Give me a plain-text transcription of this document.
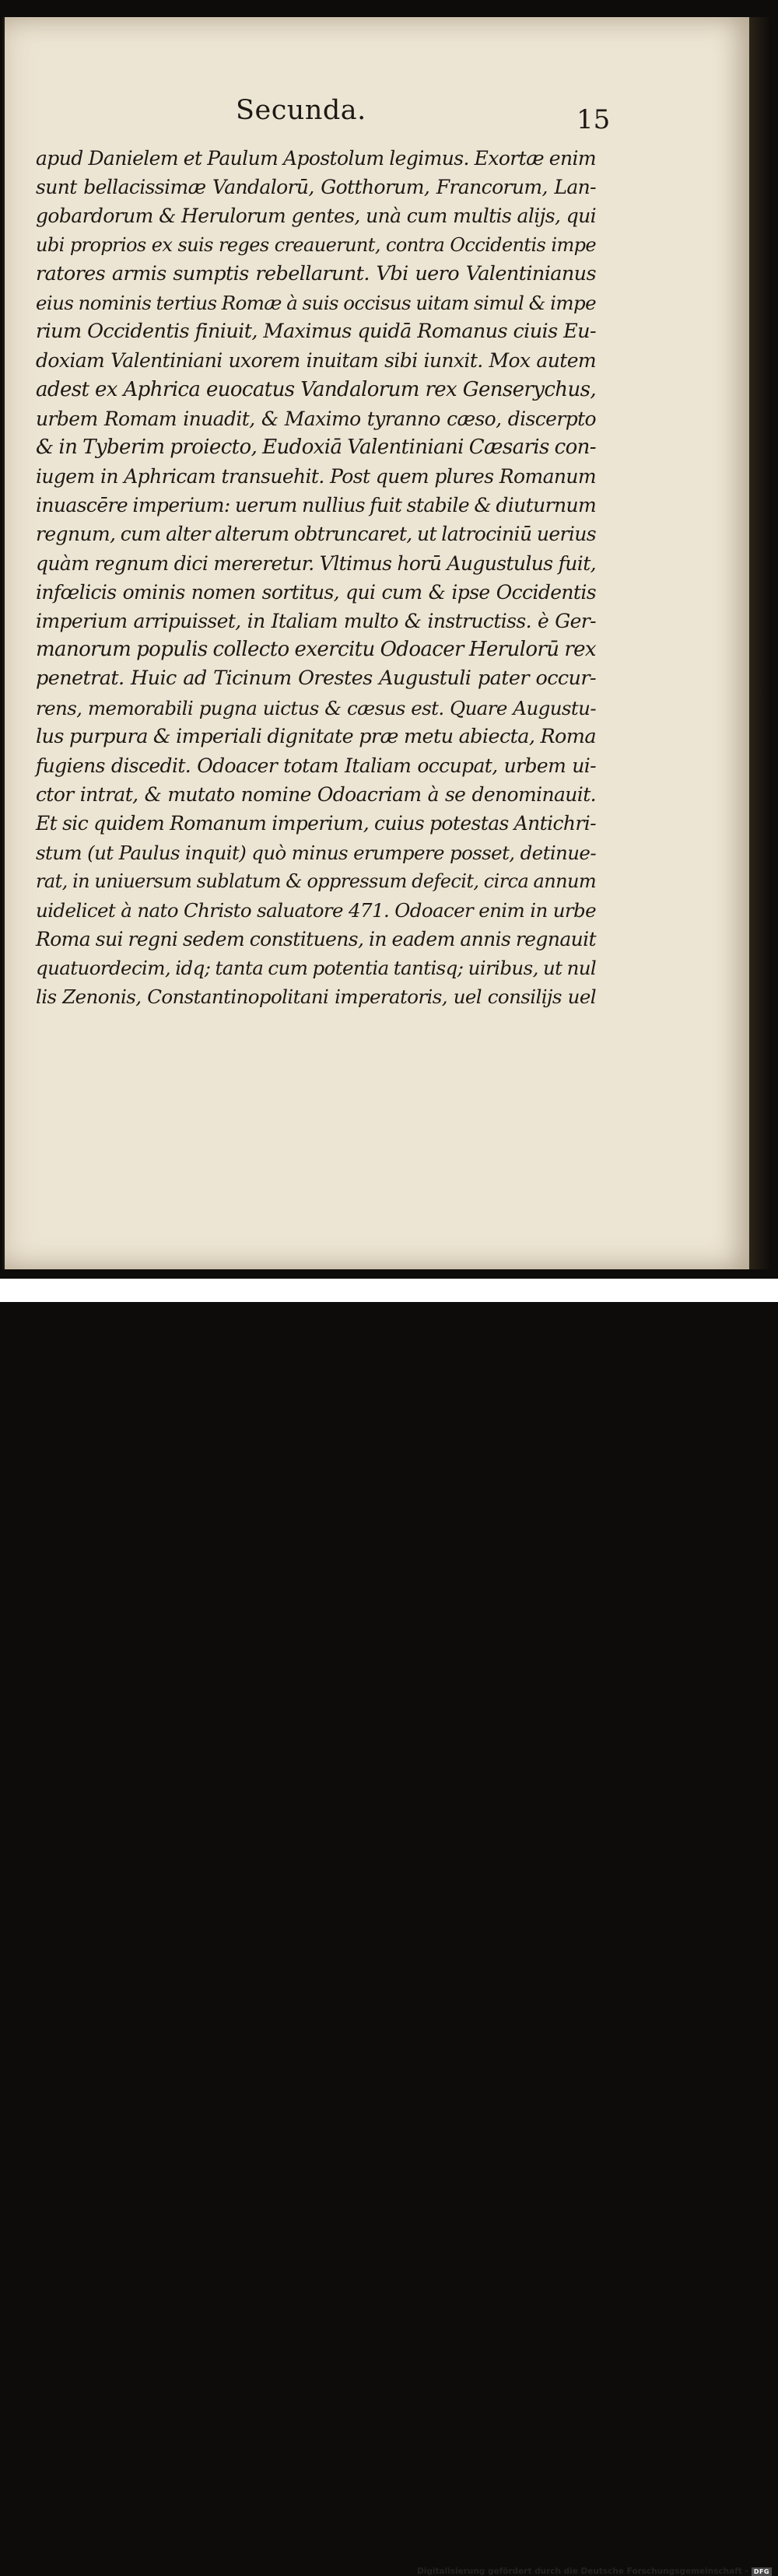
Secunda.	15
apud Danielem et Paulum Apostolum legimus. Exortæ enim
sunt bellacissimæ Vandalorū, Gotthorum, Francorum, Lan-
gobardorum & Herulorum gentes, unà cum multis alijs, qui
ubi proprios ex suis reges creauerunt, contra Occidentis impe
ratores armis sumptis rebellarunt. Vbi uero Valentinianus
eius nominis tertius Romæ à suis occisus uitam simul & impe
rium Occidentis finiuit, Maximus quidā Romanus ciuis Eu-
doxiam Valentiniani uxorem inuitam sibi iunxit. Mox autem
adest ex Aphrica euocatus Vandalorum rex Genserychus,
urbem Romam inuadit, & Maximo tyranno cæso, discerpto
& in Tyberim proiecto, Eudoxiā Valentiniani Cæsaris con-
iugem in Aphricam transuehit. Post quem plures Romanum
inuascēre imperium: uerum nullius fuit stabile & diuturnum
regnum, cum alter alterum obtruncaret, ut latrociniū uerius
quàm regnum dici mereretur. Vltimus horū Augustulus fuit,
infœlicis ominis nomen sortitus, qui cum & ipse Occidentis
imperium arripuisset, in Italiam multo & instructiss. è Ger-
manorum populis collecto exercitu Odoacer Herulorū rex
penetrat. Huic ad Ticinum Orestes Augustuli pater occur-
rens, memorabili pugna uictus & cæsus est. Quare Augustu-
lus purpura & imperiali dignitate præ metu abiecta, Roma
fugiens discedit. Odoacer totam Italiam occupat, urbem ui-
ctor intrat, & mutato nomine Odoacriam à se denominauit.
Et sic quidem Romanum imperium, cuius potestas Antichri-
stum (ut Paulus inquit) quò minus erumpere posset, detinue-
rat, in uniuersum sublatum & oppressum defecit, circa annum
uidelicet à nato Christo saluatore 471. Odoacer enim in urbe
Roma sui regni sedem constituens, in eadem annis regnauit
quatuordecim, idq; tanta cum potentia tantisq; uiribus, ut nul
lis Zenonis, Constantinopolitani imperatoris, uel consilijs uel
Digitalisierung gefördert durch die Deutsche Forschungsgemeinschaft - DFG
